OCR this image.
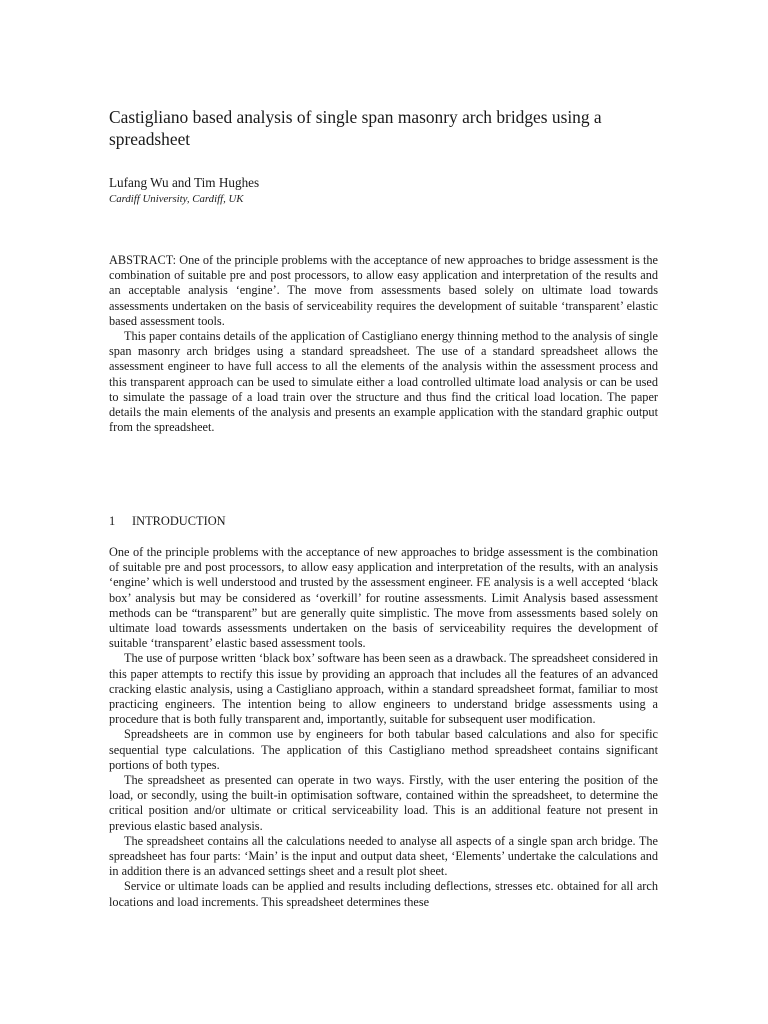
Castigliano based analysis of single span masonry arch bridges using a spreadsheet
Lufang Wu and Tim Hughes
Cardiff University, Cardiff, UK

ABSTRACT: One of the principle problems with the acceptance of new approaches to bridge assessment is the combination of suitable pre and post processors, to allow easy application and interpretation of the results and an acceptable analysis ‘engine’. The move from assessments based solely on ultimate load towards assessments undertaken on the basis of serviceability requires the development of suitable ‘transparent’ elastic based assessment tools.

This paper contains details of the application of Castigliano energy thinning method to the analysis of single span masonry arch bridges using a standard spreadsheet. The use of a standard spreadsheet allows the assessment engineer to have full access to all the elements of the analysis within the assessment process and this transparent approach can be used to simulate either a load controlled ultimate load analysis or can be used to simulate the passage of a load train over the structure and thus find the critical load location. The paper details the main elements of the analysis and presents an example application with the standard graphic output from the spreadsheet.

1 INTRODUCTION

One of the principle problems with the acceptance of new approaches to bridge assessment is the combination of suitable pre and post processors, to allow easy application and interpretation of the results, with an analysis ‘engine’ which is well understood and trusted by the assessment engineer. FE analysis is a well accepted ‘black box’ analysis but may be considered as ‘overkill’ for routine assessments. Limit Analysis based assessment methods can be “transparent” but are generally quite simplistic. The move from assessments based solely on ultimate load towards assessments undertaken on the basis of serviceability requires the development of suitable ‘transparent’ elastic based assessment tools.

The use of purpose written ‘black box’ software has been seen as a drawback. The spreadsheet considered in this paper attempts to rectify this issue by providing an approach that includes all the features of an advanced cracking elastic analysis, using a Castigliano approach, within a standard spreadsheet format, familiar to most practicing engineers. The intention being to allow engineers to understand bridge assessments using a procedure that is both fully transparent and, importantly, suitable for subsequent user modification.

Spreadsheets are in common use by engineers for both tabular based calculations and also for specific sequential type calculations. The application of this Castigliano method spreadsheet contains significant portions of both types.

The spreadsheet as presented can operate in two ways. Firstly, with the user entering the position of the load, or secondly, using the built-in optimisation software, contained within the spreadsheet, to determine the critical position and/or ultimate or critical serviceability load. This is an additional feature not present in previous elastic based analysis.

The spreadsheet contains all the calculations needed to analyse all aspects of a single span arch bridge. The spreadsheet has four parts: ‘Main’ is the input and output data sheet, ‘Elements’ undertake the calculations and in addition there is an advanced settings sheet and a result plot sheet.

Service or ultimate loads can be applied and results including deflections, stresses etc. obtained for all arch locations and load increments. This spreadsheet determines these
